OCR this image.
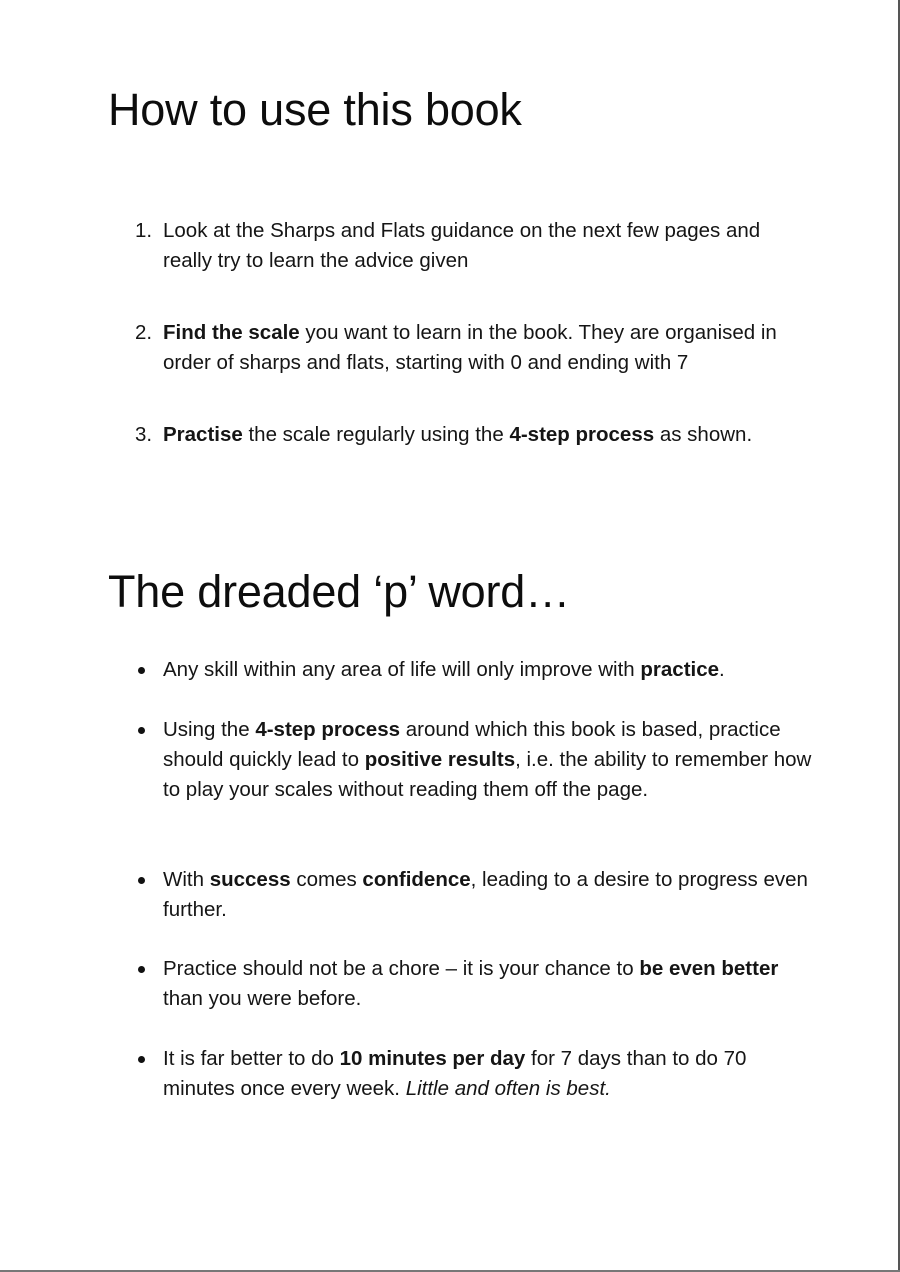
How to use this book
1. Look at the Sharps and Flats guidance on the next few pages and really try to learn the advice given
2. Find the scale you want to learn in the book. They are organised in order of sharps and flats, starting with 0 and ending with 7
3. Practise the scale regularly using the 4-step process as shown.
The dreaded ‘p’ word…
Any skill within any area of life will only improve with practice.
Using the 4-step process around which this book is based, practice should quickly lead to positive results, i.e. the ability to remember how to play your scales without reading them off the page.
With success comes confidence, leading to a desire to progress even further.
Practice should not be a chore – it is your chance to be even better than you were before.
It is far better to do 10 minutes per day for 7 days than to do 70 minutes once every week. Little and often is best.
